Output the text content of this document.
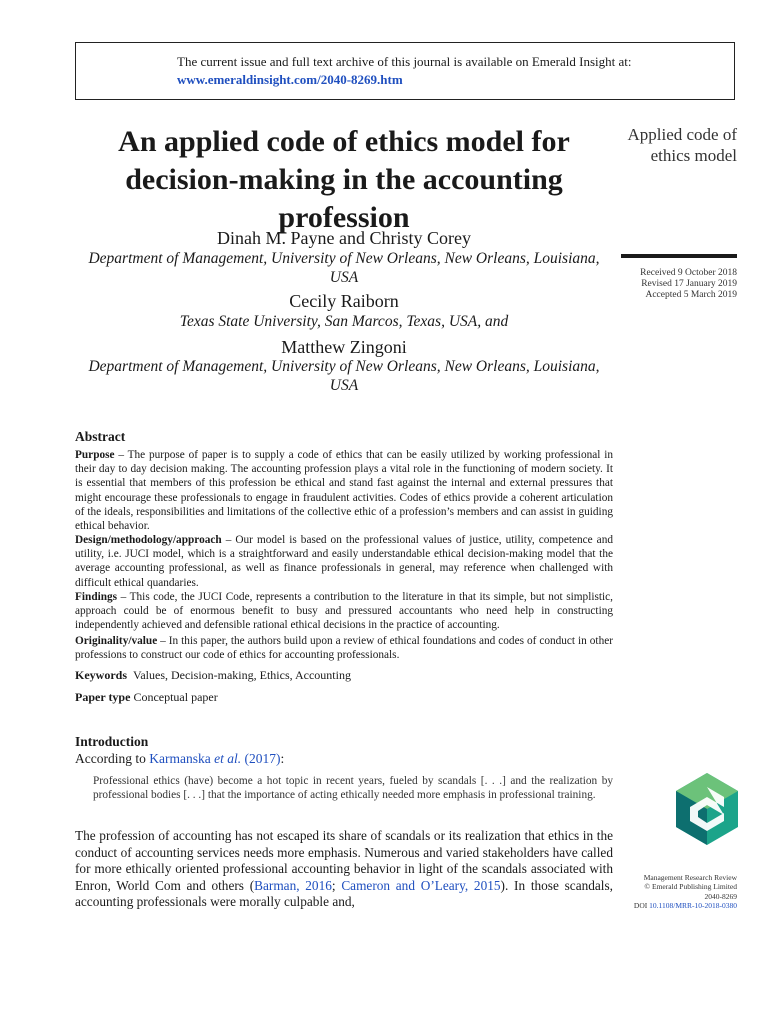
The current issue and full text archive of this journal is available on Emerald Insight at:
www.emeraldinsight.com/2040-8269.htm
An applied code of ethics model for decision-making in the accounting profession
Dinah M. Payne and Christy Corey
Department of Management, University of New Orleans, New Orleans, Louisiana, USA
Cecily Raiborn
Texas State University, San Marcos, Texas, USA, and
Matthew Zingoni
Department of Management, University of New Orleans, New Orleans, Louisiana, USA
Applied code of ethics model
Received 9 October 2018
Revised 17 January 2019
Accepted 5 March 2019
Abstract
Purpose – The purpose of paper is to supply a code of ethics that can be easily utilized by working professional in their day to day decision making. The accounting profession plays a vital role in the functioning of modern society. It is essential that members of this profession be ethical and stand fast against the internal and external pressures that might encourage these professionals to engage in fraudulent activities. Codes of ethics provide a coherent articulation of the ideals, responsibilities and limitations of the collective ethic of a profession’s members and can assist in guiding ethical behavior.
Design/methodology/approach – Our model is based on the professional values of justice, utility, competence and utility, i.e. JUCI model, which is a straightforward and easily understandable ethical decision-making model that the average accounting professional, as well as finance professionals in general, may reference when challenged with difficult ethical quandaries.
Findings – This code, the JUCI Code, represents a contribution to the literature in that its simple, but not simplistic, approach could be of enormous benefit to busy and pressured accountants who need help in constructing independently achieved and defensible rational ethical decisions in the practice of accounting.
Originality/value – In this paper, the authors build upon a review of ethical foundations and codes of conduct in other professions to construct our code of ethics for accounting professionals.
Keywords Values, Decision-making, Ethics, Accounting
Paper type Conceptual paper
Introduction
According to Karmanska et al. (2017):
Professional ethics (have) become a hot topic in recent years, fueled by scandals [. . .] and the realization by professional bodies [. . .] that the importance of acting ethically needed more emphasis in professional training.
The profession of accounting has not escaped its share of scandals or its realization that ethics in the conduct of accounting services needs more emphasis. Numerous and varied stakeholders have called for more ethically oriented professional accounting behavior in light of the scandals associated with Enron, World Com and others (Barman, 2016; Cameron and O’Leary, 2015). In those scandals, accounting professionals were morally culpable and,
Management Research Review
© Emerald Publishing Limited
2040-8269
DOI 10.1108/MRR-10-2018-0380
